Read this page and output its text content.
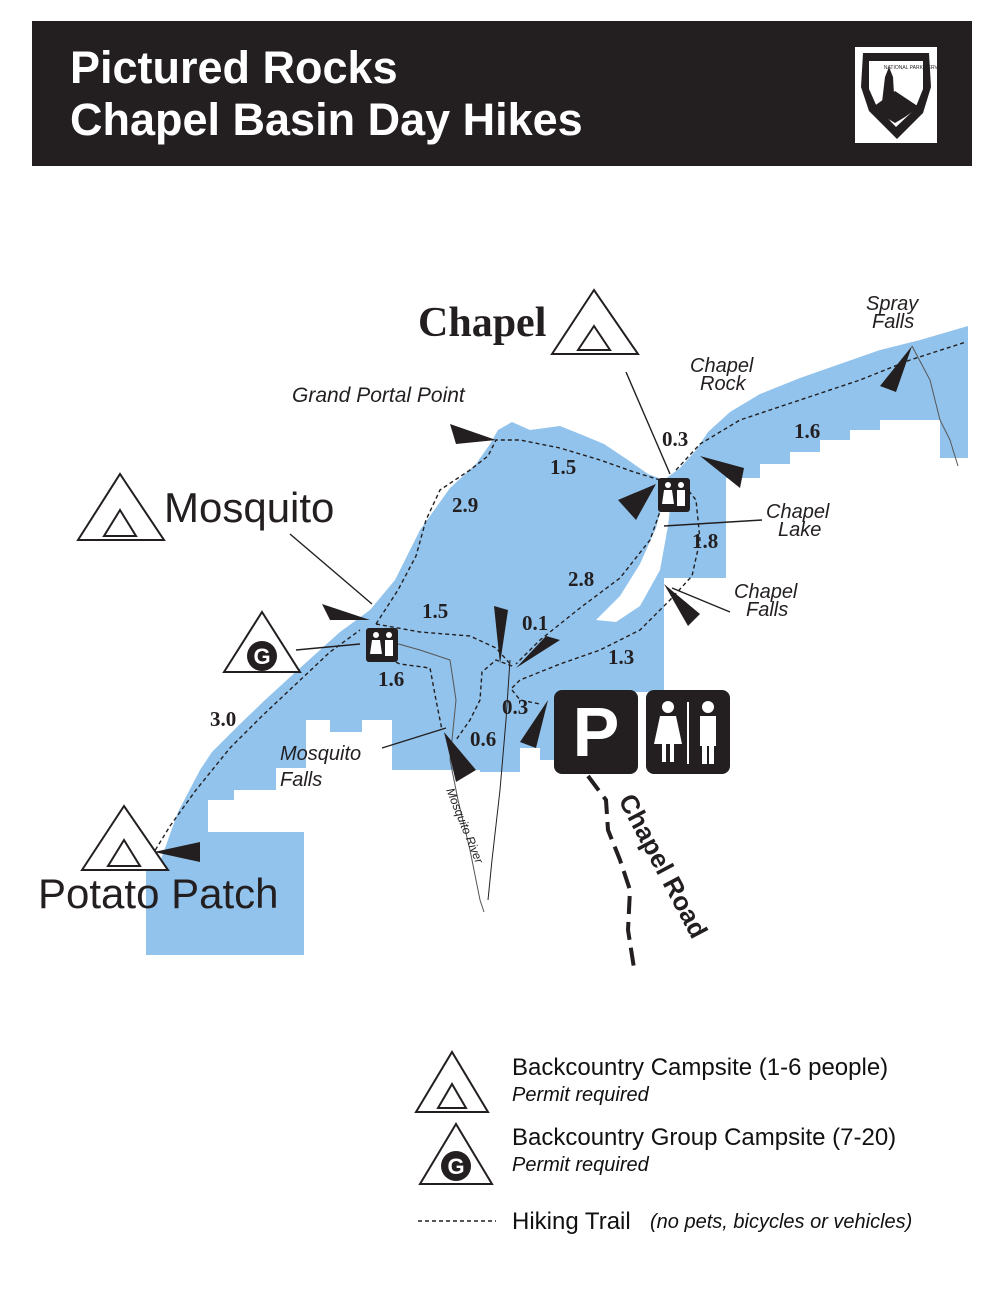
Pictured Rocks
Chapel Basin Day Hikes
NATIONAL PARK SERVICE
G
P
Chapel
Mosquito
Potato Patch
Grand Portal Point
Spray
Falls
Chapel
Rock
Chapel
Lake
Chapel
Falls
Mosquito
Falls
Mosquito River	Chapel Road
1.5
2.9
0.3	1.6
1.8
2.8
1.5	0.1
1.6
3.0
1.3
0.3
0.6
Backcountry Campsite (1-6 people)
Permit required
G
Backcountry Group Campsite (7-20)
Permit required
Hiking Trail (no pets, bicycles or vehicles)
